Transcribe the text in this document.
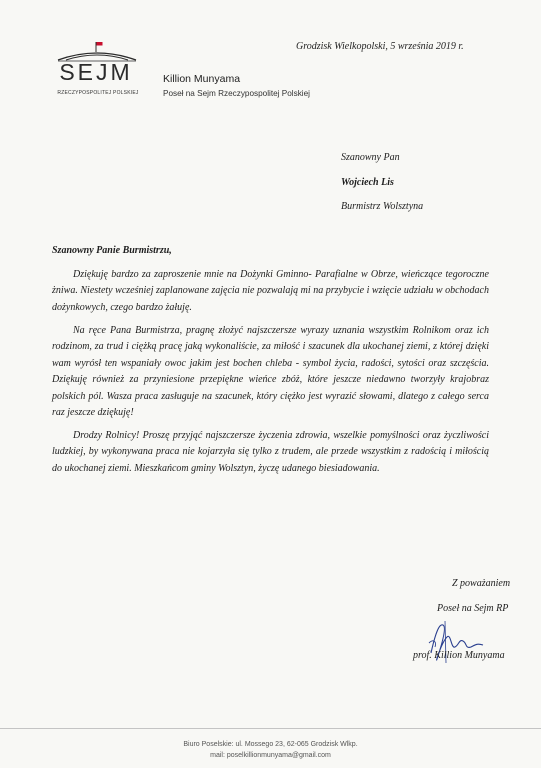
SEJM
RZECZYPOSPOLITEJ POLSKIEJ
Killion Munyama
Poseł na Sejm Rzeczypospolitej Polskiej
Grodzisk Wielkopolski, 5 września 2019 r.
Szanowny Pan
Wojciech Lis
Burmistrz Wolsztyna
Szanowny Panie Burmistrzu,
Dziękuję bardzo za zaproszenie mnie na Dożynki Gminno- Parafialne w Obrze, wieńczące tegoroczne żniwa. Niestety wcześniej zaplanowane zajęcia nie pozwalają mi na przybycie i wzięcie udziału w obchodach dożynkowych, czego bardzo żałuję.
Na ręce Pana Burmistrza, pragnę złożyć najszczersze wyrazy uznania wszystkim Rolnikom oraz ich rodzinom, za trud i ciężką pracę jaką wykonaliście, za miłość i szacunek dla ukochanej ziemi, z której dzięki wam wyrósł ten wspaniały owoc jakim jest bochen chleba - symbol życia, radości, sytości oraz szczęścia. Dziękuję również za przyniesione przepiękne wieńce zbóż, które jeszcze niedawno tworzyły krajobraz polskich pól. Wasza praca zasługuje na szacunek, który ciężko jest wyrazić słowami, dlatego z całego serca raz jeszcze dziękuję!
Drodzy Rolnicy! Proszę przyjąć najszczersze życzenia zdrowia, wszelkie pomyślności oraz życzliwości ludzkiej, by wykonywana praca nie kojarzyła się tylko z trudem, ale przede wszystkim z radością i miłością do ukochanej ziemi. Mieszkańcom gminy Wolsztyn, życzę udanego biesiadowania.
Z poważaniem
Poseł na Sejm RP
prof. Killion Munyama
Biuro Poselskie: ul. Mossego 23, 62-065 Grodzisk Wlkp.
mail: poselkillionmunyama@gmail.com
